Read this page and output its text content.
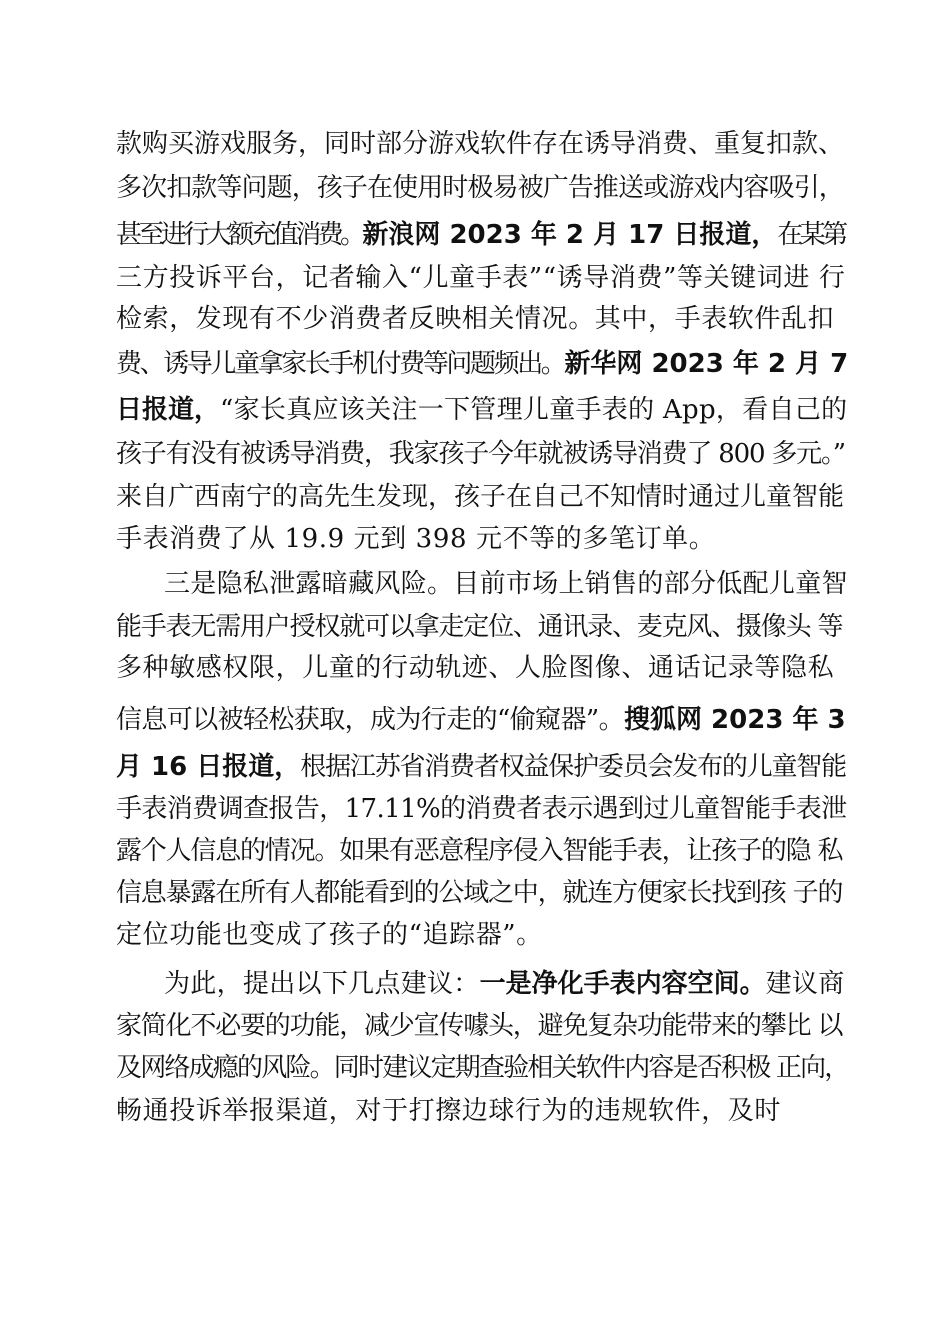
款购买游戏服务，同时部分游戏软件存在诱导消费、重复扣款、
多次扣款等问题，孩子在使用时极易被广告推送或游戏内容吸引，
甚至进行大额充值消费。新浪网 2023 年 2 月 17 日报道，在某第
三方投诉平台，记者输入“儿童手表”“诱导消费”等关键词进 行
检索，发现有不少消费者反映相关情况。其中，手表软件乱扣
费、诱导儿童拿家长手机付费等问题频出。新华网 2023 年 2 月 7
日报道，“家长真应该关注一下管理儿童手表的 App，看自己的
孩子有没有被诱导消费，我家孩子今年就被诱导消费了 800 多元。”
来自广西南宁的高先生发现，孩子在自己不知情时通过儿童智能
手表消费了从 19.9 元到 398 元不等的多笔订单。
三是隐私泄露暗藏风险。目前市场上销售的部分低配儿童智
能手表无需用户授权就可以拿走定位、通讯录、麦克风、摄像头 等
多种敏感权限，儿童的行动轨迹、人脸图像、通话记录等隐私
信息可以被轻松获取，成为行走的“偷窥器”。搜狐网 2023 年 3
月 16 日报道，根据江苏省消费者权益保护委员会发布的儿童智能
手表消费调查报告，17.11%的消费者表示遇到过儿童智能手表泄
露个人信息的情况。如果有恶意程序侵入智能手表，让孩子的隐 私
信息暴露在所有人都能看到的公域之中，就连方便家长找到孩 子的
定位功能也变成了孩子的“追踪器”。
为此，提出以下几点建议：一是净化手表内容空间。建议商
家简化不必要的功能，减少宣传噱头，避免复杂功能带来的攀比 以
及网络成瘾的风险。同时建议定期查验相关软件内容是否积极 正向，
畅通投诉举报渠道，对于打擦边球行为的违规软件，及时
